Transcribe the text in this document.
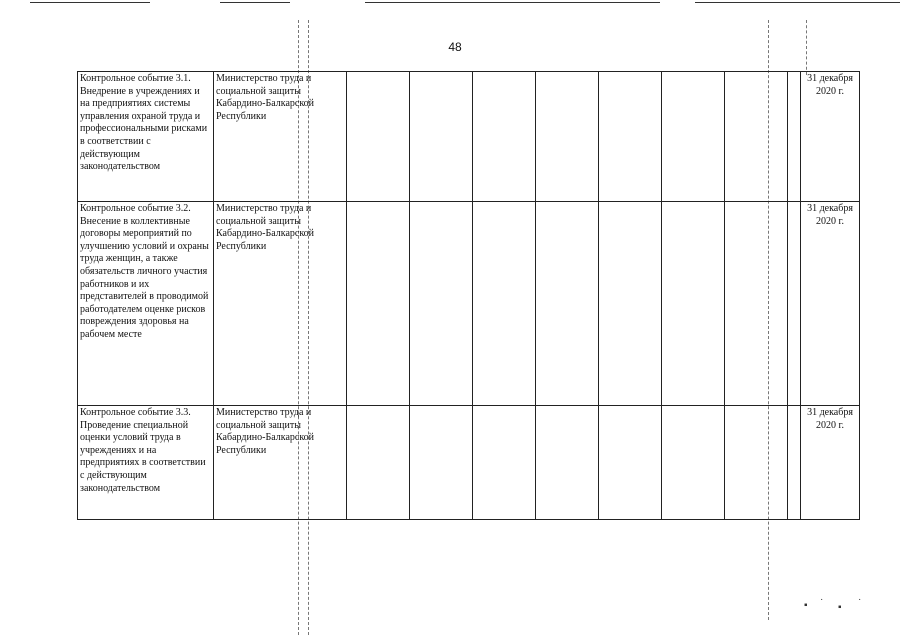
48
Контрольное событие 3.1. Внедрение в учреждениях и на предприятиях системы управления охраной труда и профессиональными рисками в соответствии с действующим законодательством	Министерство труда и социальной защиты Кабардино-Балкарской Республики									31 декабря 2020 г.
Контрольное событие 3.2. Внесение в коллективные договоры мероприятий по улучшению условий и охраны труда женщин, а также обязательств личного участия работников и их представителей в проводимой работодателем оценке рисков повреждения здоровья на рабочем месте	Министерство труда и социальной защиты Кабардино-Балкарской Республики									31 декабря 2020 г.
Контрольное событие 3.3. Проведение специальной оценки условий труда в учреждениях и на предприятиях в соответствии с действующим законодательством	Министерство труда и социальной защиты Кабардино-Балкарской Республики									31 декабря 2020 г.
▪ ˙ ▪ ˙
